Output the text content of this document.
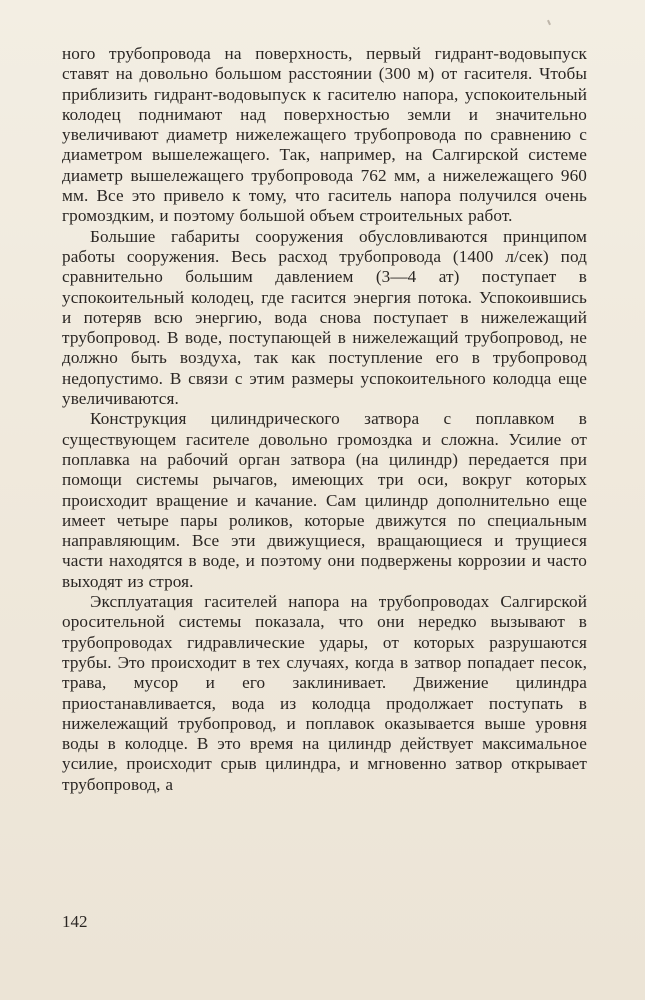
ного трубопровода на поверхность, первый гидрант-водовыпуск ставят на довольно большом расстоянии (300 м) от гасителя. Чтобы приблизить гидрант-водовыпуск к гасителю напора, успокоительный колодец поднимают над поверхностью земли и значительно увеличивают диаметр нижележащего трубопровода по сравнению с диаметром вышележащего. Так, например, на Салгирской системе диаметр вышележащего трубопровода 762 мм, а нижележащего 960 мм. Все это привело к тому, что гаситель напора получился очень громоздким, и поэтому большой объем строительных работ.

Большие габариты сооружения обусловливаются принципом работы сооружения. Весь расход трубопровода (1400 л/сек) под сравнительно большим давлением (3—4 ат) поступает в успокоительный колодец, где гасится энергия потока. Успокоившись и потеряв всю энергию, вода снова поступает в нижележащий трубопровод. В воде, поступающей в нижележащий трубопровод, не должно быть воздуха, так как поступление его в трубопровод недопустимо. В связи с этим размеры успокоительного колодца еще увеличиваются.

Конструкция цилиндрического затвора с поплавком в существующем гасителе довольно громоздка и сложна. Усилие от поплавка на рабочий орган затвора (на цилиндр) передается при помощи системы рычагов, имеющих три оси, вокруг которых происходит вращение и качание. Сам цилиндр дополнительно еще имеет четыре пары роликов, которые движутся по специальным направляющим. Все эти движущиеся, вращающиеся и трущиеся части находятся в воде, и поэтому они подвержены коррозии и часто выходят из строя.

Эксплуатация гасителей напора на трубопроводах Салгирской оросительной системы показала, что они нередко вызывают в трубопроводах гидравлические удары, от которых разрушаются трубы. Это происходит в тех случаях, когда в затвор попадает песок, трава, мусор и его заклинивает. Движение цилиндра приостанавливается, вода из колодца продолжает поступать в нижележащий трубопровод, и поплавок оказывается выше уровня воды в колодце. В это время на цилиндр действует максимальное усилие, происходит срыв цилиндра, и мгновенно затвор открывает трубопровод, а

142
